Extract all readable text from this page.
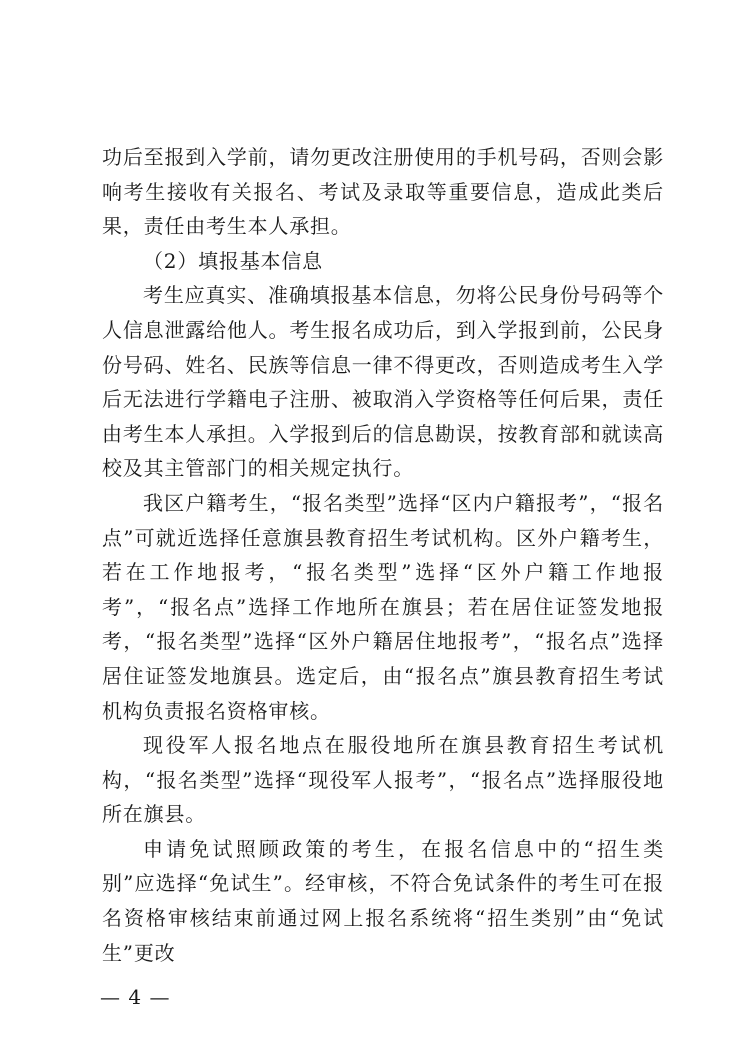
功后至报到入学前，请勿更改注册使用的手机号码，否则会影响考生接收有关报名、考试及录取等重要信息，造成此类后果，责任由考生本人承担。

（2）填报基本信息

考生应真实、准确填报基本信息，勿将公民身份号码等个人信息泄露给他人。考生报名成功后，到入学报到前，公民身份号码、姓名、民族等信息一律不得更改，否则造成考生入学后无法进行学籍电子注册、被取消入学资格等任何后果，责任由考生本人承担。入学报到后的信息勘误，按教育部和就读高校及其主管部门的相关规定执行。

我区户籍考生，“报名类型”选择“区内户籍报考”，“报名点”可就近选择任意旗县教育招生考试机构。区外户籍考生，若在工作地报考，“报名类型”选择“区外户籍工作地报考”，“报名点”选择工作地所在旗县；若在居住证签发地报考，“报名类型”选择“区外户籍居住地报考”，“报名点”选择居住证签发地旗县。选定后，由“报名点”旗县教育招生考试机构负责报名资格审核。

现役军人报名地点在服役地所在旗县教育招生考试机构，“报名类型”选择“现役军人报考”，“报名点”选择服役地所在旗县。

申请免试照顾政策的考生，在报名信息中的“招生类别”应选择“免试生”。经审核，不符合免试条件的考生可在报名资格审核结束前通过网上报名系统将“招生类别”由“免试生”更改

— 4 —
